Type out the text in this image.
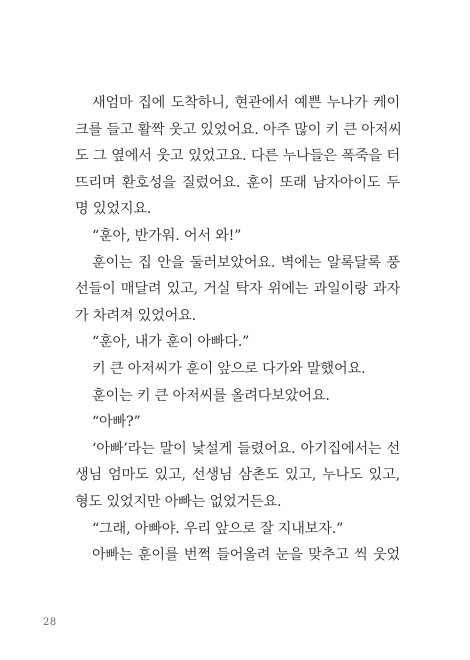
새엄마 집에 도착하니, 현관에서 예쁜 누나가 케이
크를 들고 활짝 웃고 있었어요. 아주 많이 키 큰 아저씨
도 그 옆에서 웃고 있었고요. 다른 누나들은 폭죽을 터
뜨리며 환호성을 질렀어요. 훈이 또래 남자아이도 두
명 있었지요.
“훈아, 반가워. 어서 와!”
훈이는 집 안을 둘러보았어요. 벽에는 알록달록 풍
선들이 매달려 있고, 거실 탁자 위에는 과일이랑 과자
가 차려져 있었어요.
“훈아, 내가 훈이 아빠다.”
키 큰 아저씨가 훈이 앞으로 다가와 말했어요.
훈이는 키 큰 아저씨를 올려다보았어요.
“아빠?”
‘아빠’라는 말이 낯설게 들렸어요. 아기집에서는 선
생님 엄마도 있고, 선생님 삼촌도 있고, 누나도 있고,
형도 있었지만 아빠는 없었거든요.
“그래, 아빠야. 우리 앞으로 잘 지내보자.”
아빠는 훈이를 번쩍 들어올려 눈을 맞추고 씩 웃었
28
